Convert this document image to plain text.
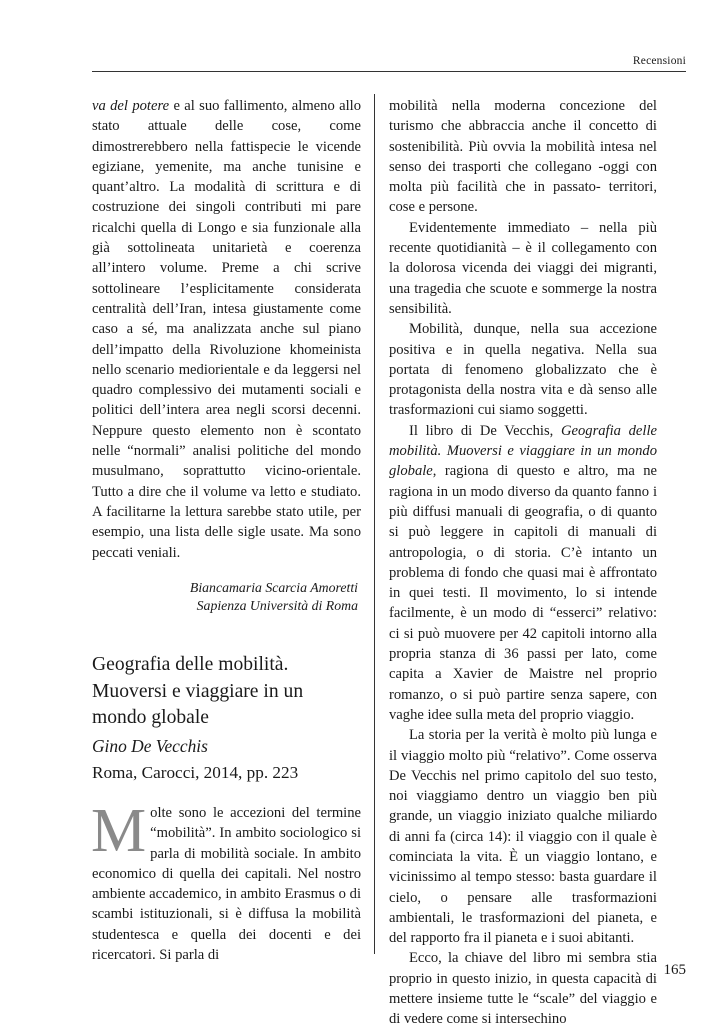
Recensioni

va del potere e al suo fallimento, almeno allo stato attuale delle cose, come dimostrerebbero nella fattispecie le vicende egiziane, yemenite, ma anche tunisine e quant’altro. La modalità di scrittura e di costruzione dei singoli contributi mi pare ricalchi quella di Longo e sia funzionale alla già sottolineata unitarietà e coerenza all’intero volume. Preme a chi scrive sottolineare l’esplicitamente considerata centralità dell’Iran, intesa giustamente come caso a sé, ma analizzata anche sul piano dell’impatto della Rivoluzione khomeinista nello scenario mediorientale e da leggersi nel quadro complessivo dei mutamenti sociali e politici dell’intera area negli scorsi decenni. Neppure questo elemento non è scontato nelle “normali” analisi politiche del mondo musulmano, soprattutto vicino-orientale. Tutto a dire che il volume va letto e studiato. A facilitarne la lettura sarebbe stato utile, per esempio, una lista delle sigle usate. Ma sono peccati veniali.

Biancamaria Scarcia Amoretti
Sapienza Università di Roma
Geografia delle mobilità.
Muoversi e viaggiare in un
mondo globale
Gino De Vecchis
Roma, Carocci, 2014, pp. 223
Molte sono le accezioni del termine “mobilità”. In ambito sociologico si parla di mobilità sociale. In ambito economico di quella dei capitali. Nel nostro ambiente accademico, in ambito Erasmus o di scambi istituzionali, si è diffusa la mobilità studentesca e quella dei docenti e dei ricercatori. Si parla di

mobilità nella moderna concezione del turismo che abbraccia anche il concetto di sostenibilità. Più ovvia la mobilità intesa nel senso dei trasporti che collegano -oggi con molta più facilità che in passato- territori, cose e persone.

Evidentemente immediato – nella più recente quotidianità – è il collegamento con la dolorosa vicenda dei viaggi dei migranti, una tragedia che scuote e sommerge la nostra sensibilità.

Mobilità, dunque, nella sua accezione positiva e in quella negativa. Nella sua portata di fenomeno globalizzato che è protagonista della nostra vita e dà senso alle trasformazioni cui siamo soggetti.

Il libro di De Vecchis, Geografia delle mobilità. Muoversi e viaggiare in un mondo globale, ragiona di questo e altro, ma ne ragiona in un modo diverso da quanto fanno i più diffusi manuali di geografia, o di quanto si può leggere in capitoli di manuali di antropologia, o di storia. C’è intanto un problema di fondo che quasi mai è affrontato in quei testi. Il movimento, lo si intende facilmente, è un modo di “esserci” relativo: ci si può muovere per 42 capitoli intorno alla propria stanza di 36 passi per lato, come capita a Xavier de Maistre nel proprio romanzo, o si può partire senza sapere, con vaghe idee sulla meta del proprio viaggio.

La storia per la verità è molto più lunga e il viaggio molto più “relativo”. Come osserva De Vecchis nel primo capitolo del suo testo, noi viaggiamo dentro un viaggio ben più grande, un viaggio iniziato qualche miliardo di anni fa (circa 14): il viaggio con il quale è cominciata la vita. È un viaggio lontano, e vicinissimo al tempo stesso: basta guardare il cielo, o pensare alle trasformazioni ambientali, le trasformazioni del pianeta, e del rapporto fra il pianeta e i suoi abitanti.

Ecco, la chiave del libro mi sembra stia proprio in questo inizio, in questa capacità di mettere insieme tutte le “scale” del viaggio e di vedere come si intersechino

165
